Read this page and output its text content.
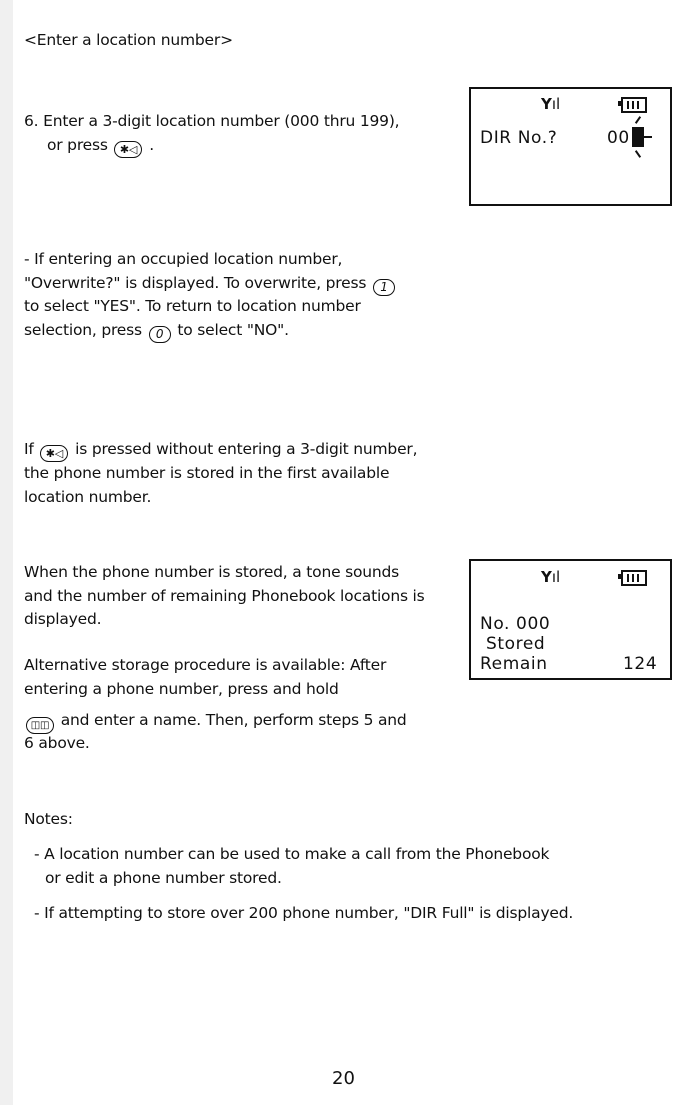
<Enter a location number>

6. Enter a 3-digit location number (000 thru 199),

or press ✱◁ .

Yıl
DIR No.?	00

- If entering an occupied location number,

"Overwrite?" is displayed. To overwrite, press 1

to select "YES". To return to location number

selection, press 0 to select "NO".

If ✱◁ is pressed without entering a 3-digit number,

the phone number is stored in the first available

location number.

When the phone number is stored, a tone sounds

and the number of remaining Phonebook locations is

displayed.

Yıl
No. 000
Stored
Remain	124

Alternative storage procedure is available: After

entering a phone number, press and hold

◫◫ and enter a name. Then, perform steps 5 and

6 above.

Notes:

- A location number can be used to make a call from the Phonebook

or edit a phone number stored.

- If attempting to store over 200 phone number, "DIR Full" is displayed.

20
